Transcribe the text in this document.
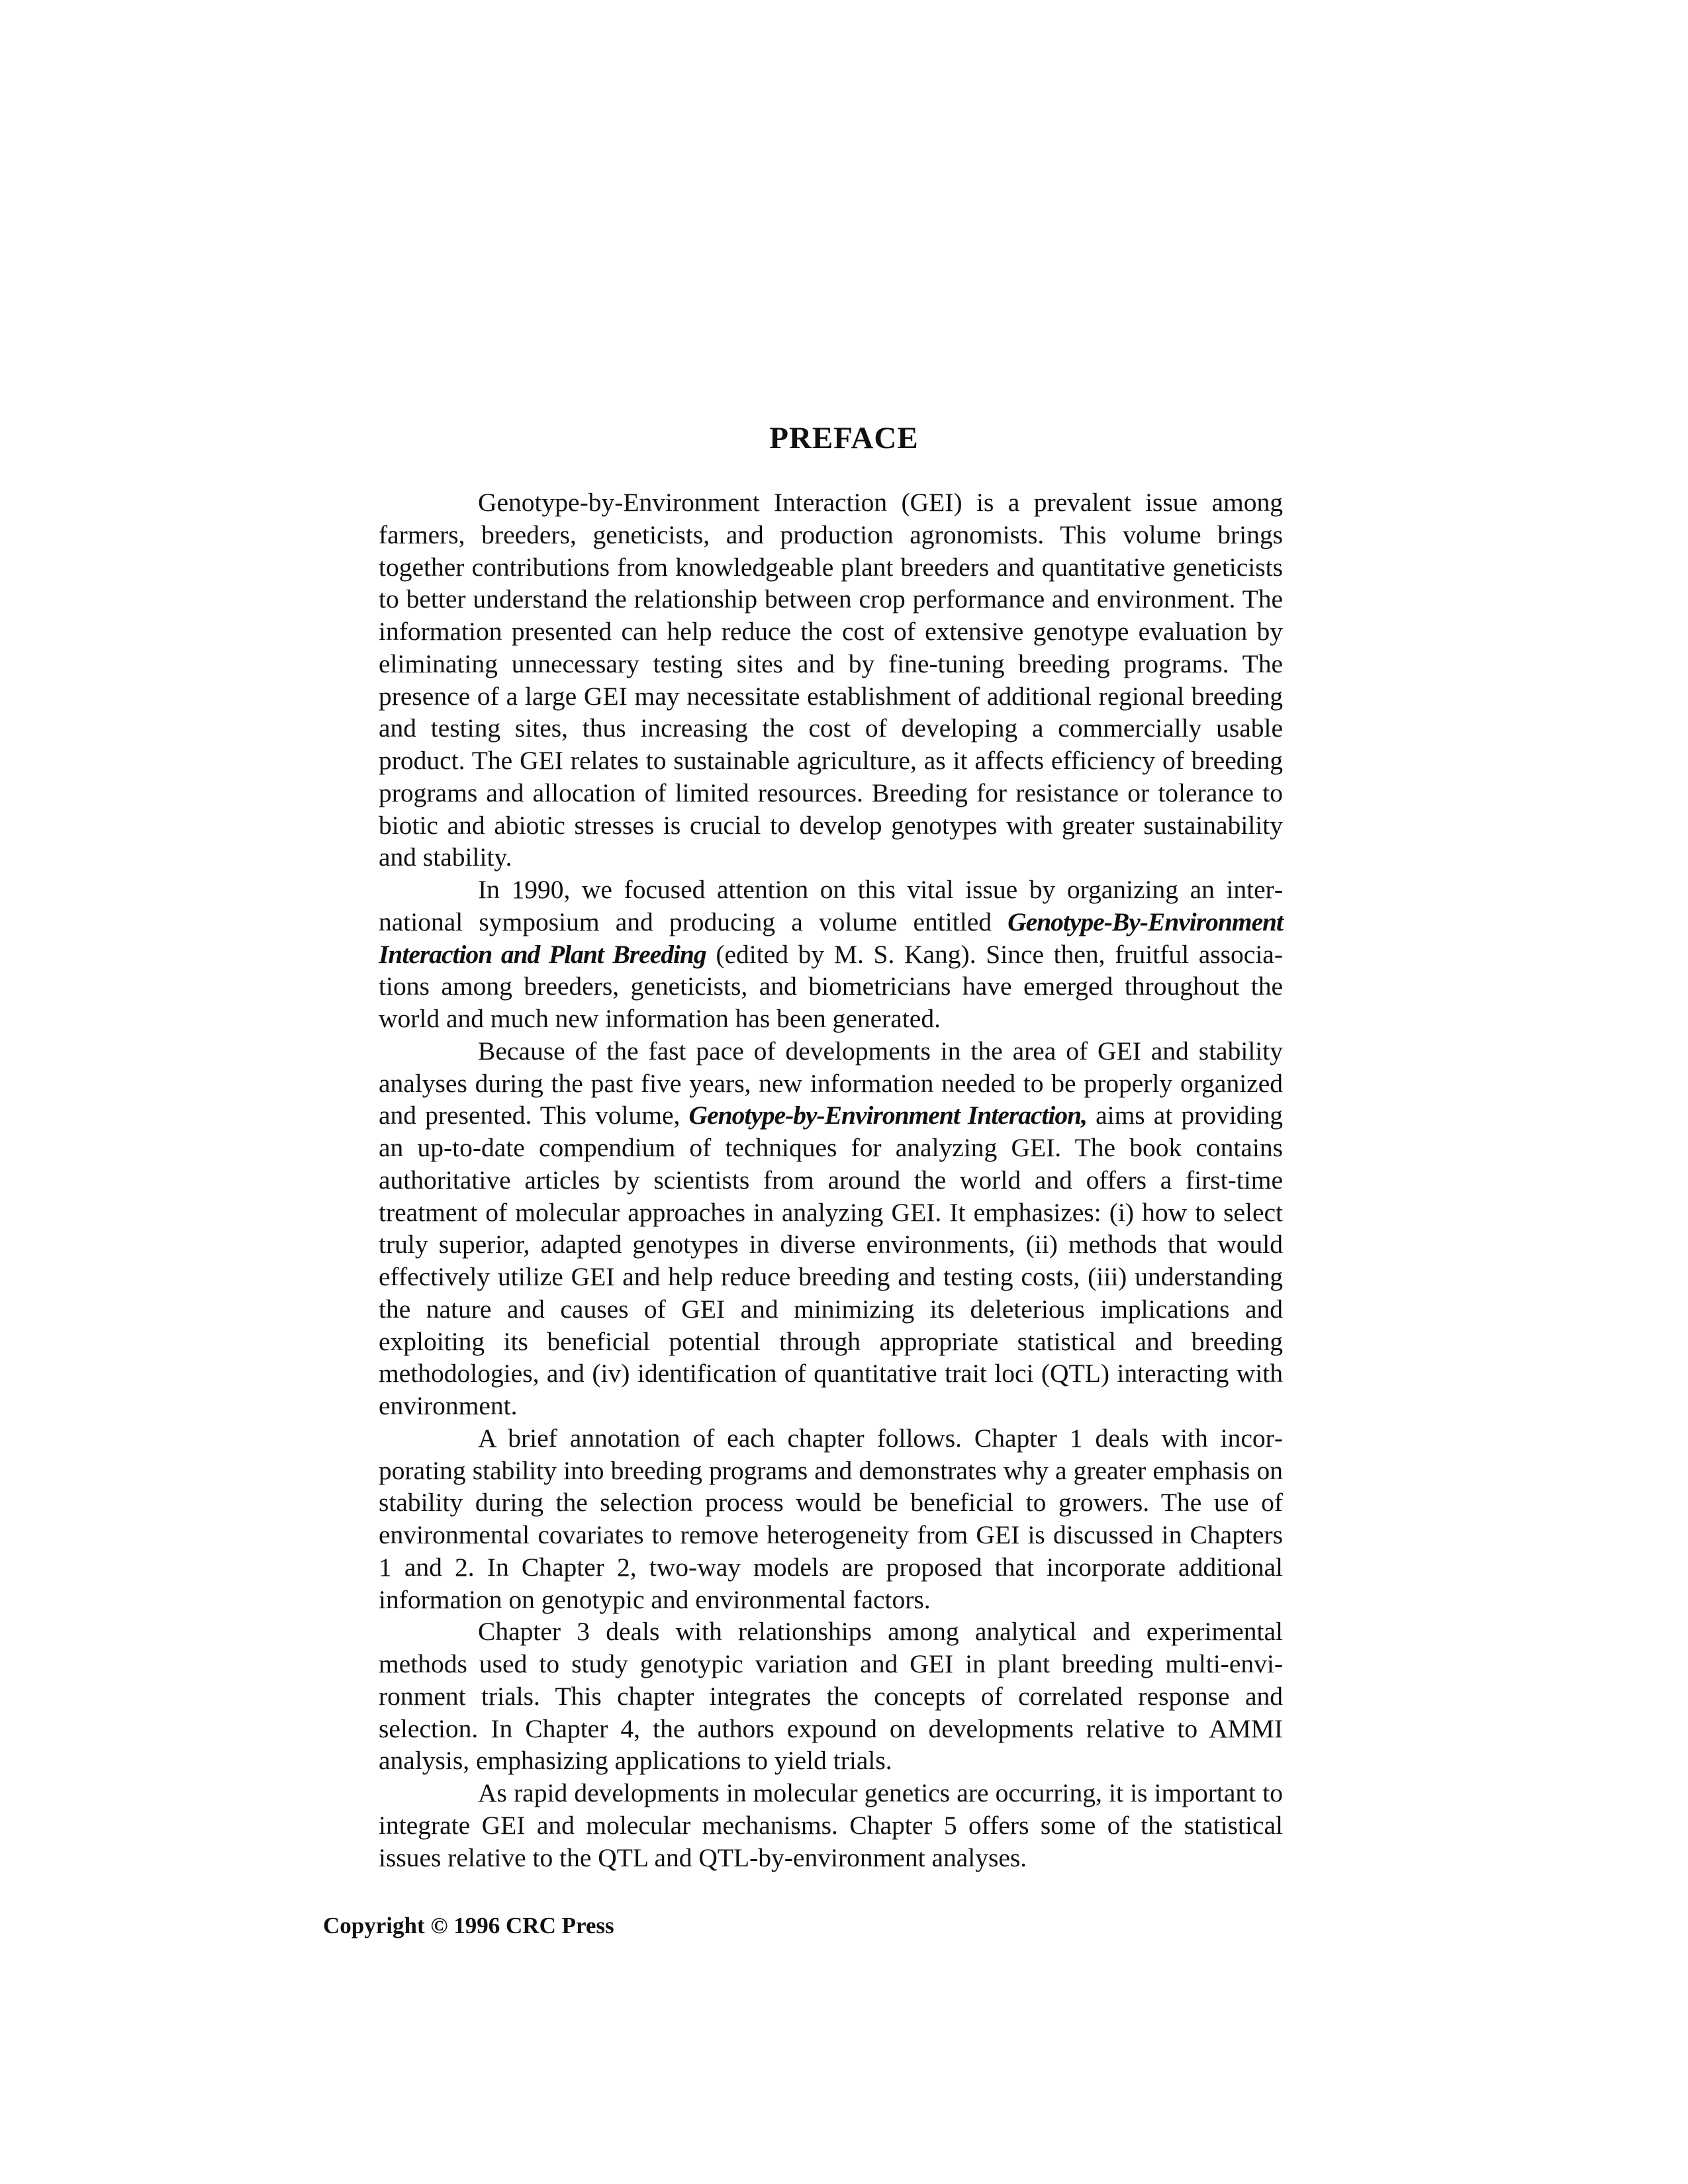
PREFACE

Genotype-by-Environment Interaction (GEI) is a prevalent issue among farmers, breeders, geneticists, and production agronomists. This volume brings together contributions from knowledgeable plant breeders and quantitative geneticists to better understand the relationship between crop performance and environment. The information presented can help reduce the cost of extensive genotype evaluation by eliminating unnecessary testing sites and by fine-tuning breeding programs. The presence of a large GEI may necessitate establishment of additional regional breeding and testing sites, thus increasing the cost of developing a commercially usable product. The GEI relates to sustainable agriculture, as it affects efficiency of breeding programs and allocation of limited resources. Breeding for resistance or tolerance to biotic and abiotic stresses is crucial to develop genotypes with greater sustainability and stability.

In 1990, we focused attention on this vital issue by organizing an international symposium and producing a volume entitled Genotype-By-Environment Interaction and Plant Breeding (edited by M. S. Kang). Since then, fruitful associations among breeders, geneticists, and biometricians have emerged throughout the world and much new information has been generated.

Because of the fast pace of developments in the area of GEI and stability analyses during the past five years, new information needed to be properly organized and presented. This volume, Genotype-by-Environment Interaction, aims at providing an up-to-date compendium of techniques for analyzing GEI. The book contains authoritative articles by scientists from around the world and offers a first-time treatment of molecular approaches in analyzing GEI. It emphasizes: (i) how to select truly superior, adapted genotypes in diverse environments, (ii) methods that would effectively utilize GEI and help reduce breeding and testing costs, (iii) understanding the nature and causes of GEI and minimizing its deleterious implications and exploiting its beneficial potential through appropriate statistical and breeding methodologies, and (iv) identification of quantitative trait loci (QTL) interacting with environment.

A brief annotation of each chapter follows. Chapter 1 deals with incorporating stability into breeding programs and demonstrates why a greater emphasis on stability during the selection process would be beneficial to growers. The use of environmental covariates to remove heterogeneity from GEI is discussed in Chapters 1 and 2. In Chapter 2, two-way models are proposed that incorporate additional information on genotypic and environmental factors.

Chapter 3 deals with relationships among analytical and experimental methods used to study genotypic variation and GEI in plant breeding multi-environment trials. This chapter integrates the concepts of correlated response and selection. In Chapter 4, the authors expound on developments relative to AMMI analysis, emphasizing applications to yield trials.

As rapid developments in molecular genetics are occurring, it is important to integrate GEI and molecular mechanisms. Chapter 5 offers some of the statistical issues relative to the QTL and QTL-by-environment analyses.

Copyright © 1996 CRC Press
